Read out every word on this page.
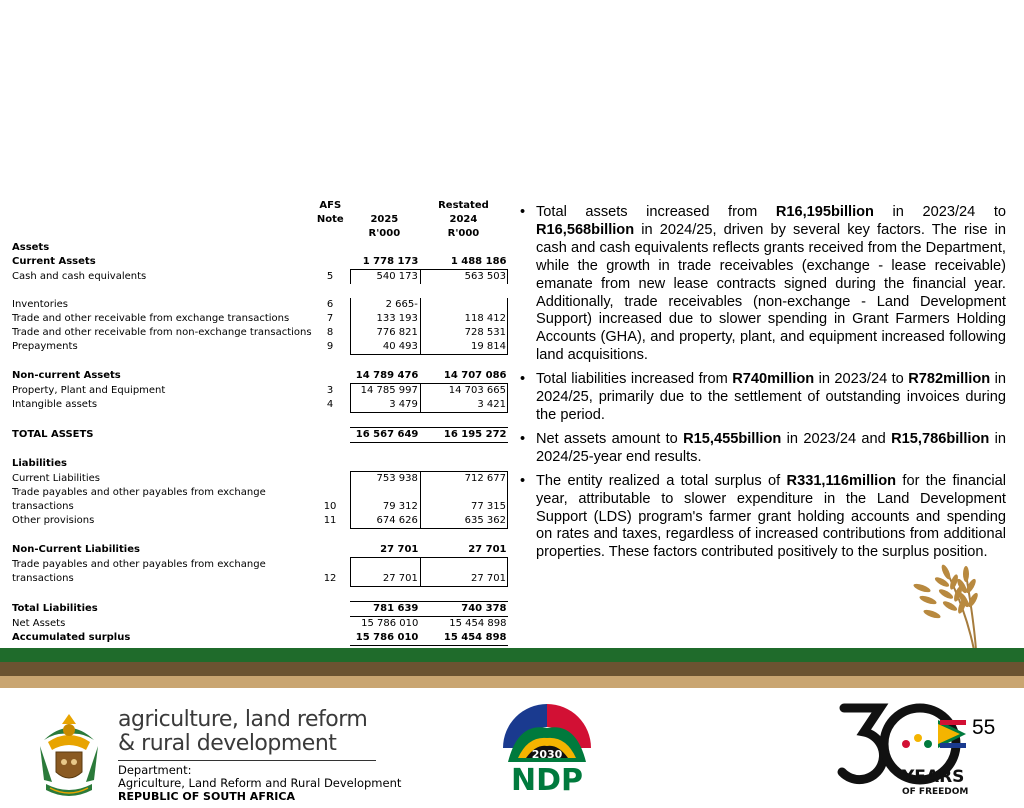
	AFS		Restated
	Note	2025	2024
		R'000	R'000
Assets			
Current Assets		1 778 173	1 488 186
Cash and cash equivalents	5	540 173	563 503

Inventories	6	2 665-	
Trade and other receivable from exchange transactions	7	133 193	118 412
Trade and other receivable from non-exchange transactions	8	776 821	728 531
Prepayments	9	40 493	19 814

Non-current Assets		14 789 476	14 707 086
Property, Plant and Equipment	3	14 785 997	14 703 665
Intangible assets	4	3 479	3 421

TOTAL ASSETS		16 567 649	16 195 272

Liabilities			
Current Liabilities		753 938	712 677
Trade payables and other payables from exchange			
transactions	10	79 312	77 315
Other provisions	11	674 626	635 362

Non-Current Liabilities		27 701	27 701
Trade payables and other payables from exchange			
transactions	12	27 701	27 701

Total Liabilities		781 639	740 378
Net Assets		15 786 010	15 454 898
Accumulated surplus		15 786 010	15 454 898
• Total assets increased from R16,195billion in 2023/24 to R16,568billion in 2024/25, driven by several key factors. The rise in cash and cash equivalents reflects grants received from the Department, while the growth in trade receivables (exchange - lease receivable) emanate from new lease contracts signed during the financial year. Additionally, trade receivables (non-exchange - Land Development Support) increased due to slower spending in Grant Farmers Holding Accounts (GHA), and property, plant, and equipment increased following land acquisitions.
• Total liabilities increased from R740million in 2023/24 to R782million in 2024/25, primarily due to the settlement of outstanding invoices during the period.
• Net assets amount to R15,455billion in 2023/24 and R15,786billion in 2024/25-year end results.
• The entity realized a total surplus of R331,116million for the financial year, attributable to slower expenditure in the Land Development Support (LDS) program's farmer grant holding accounts and spending on rates and taxes, regardless of increased contributions from additional properties. These factors contributed positively to the surplus position.
agriculture, land reform
& rural development
Department:
Agriculture, Land Reform and Rural Development
REPUBLIC OF SOUTH AFRICA
2030
NDP	YEARS
OF FREEDOM
55
